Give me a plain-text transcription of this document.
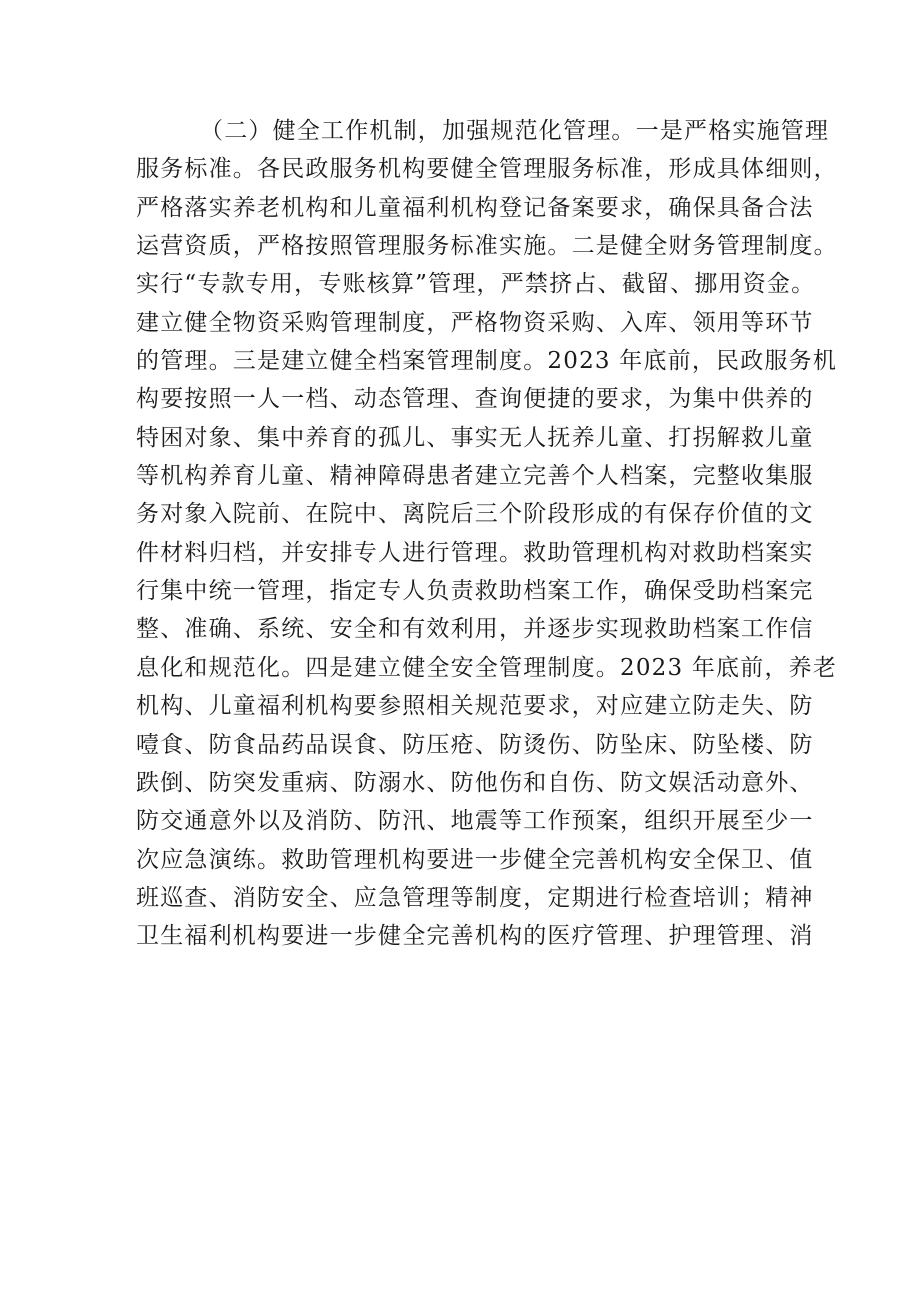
（二）健全工作机制，加强规范化管理。一是严格实施管理
服务标准。各民政服务机构要健全管理服务标准，形成具体细则，
严格落实养老机构和儿童福利机构登记备案要求，确保具备合法
运营资质，严格按照管理服务标准实施。二是健全财务管理制度。
实行“专款专用，专账核算”管理，严禁挤占、截留、挪用资金。
建立健全物资采购管理制度，严格物资采购、入库、领用等环节
的管理。三是建立健全档案管理制度。2023 年底前，民政服务机
构要按照一人一档、动态管理、查询便捷的要求，为集中供养的
特困对象、集中养育的孤儿、事实无人抚养儿童、打拐解救儿童
等机构养育儿童、精神障碍患者建立完善个人档案，完整收集服
务对象入院前、在院中、离院后三个阶段形成的有保存价值的文
件材料归档，并安排专人进行管理。救助管理机构对救助档案实
行集中统一管理，指定专人负责救助档案工作，确保受助档案完
整、准确、系统、安全和有效利用，并逐步实现救助档案工作信
息化和规范化。四是建立健全安全管理制度。2023 年底前，养老
机构、儿童福利机构要参照相关规范要求，对应建立防走失、防
噎食、防食品药品误食、防压疮、防烫伤、防坠床、防坠楼、防
跌倒、防突发重病、防溺水、防他伤和自伤、防文娱活动意外、
防交通意外以及消防、防汛、地震等工作预案，组织开展至少一
次应急演练。救助管理机构要进一步健全完善机构安全保卫、值
班巡查、消防安全、应急管理等制度，定期进行检查培训；精神
卫生福利机构要进一步健全完善机构的医疗管理、护理管理、消
